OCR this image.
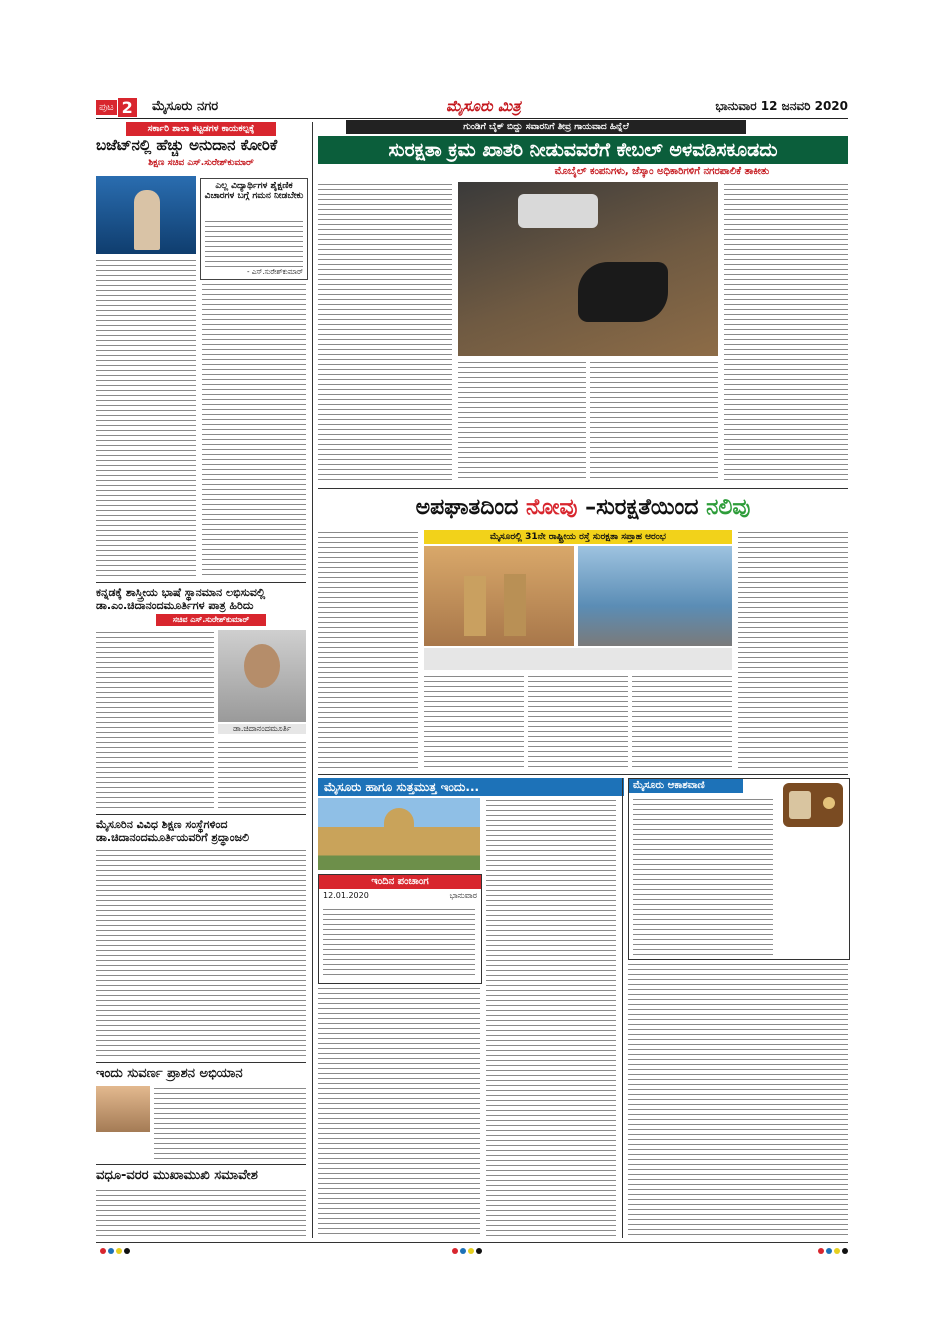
ಪುಟ 2	ಮೈಸೂರು ನಗರ	ಮೈಸೂರು ಮಿತ್ರ	ಭಾನುವಾರ 12 ಜನವರಿ 2020
ಸರ್ಕಾರಿ ಶಾಲಾ ಕಟ್ಟಡಗಳ ಕಾಯಕಲ್ಪಕ್ಕೆ
ಬಜೆಟ್‌ನಲ್ಲಿ ಹೆಚ್ಚು ಅನುದಾನ ಕೋರಿಕೆ
ಶಿಕ್ಷಣ ಸಚಿವ ಎಸ್.ಸುರೇಶ್‌ಕುಮಾರ್
ಎಲ್ಲ ವಿದ್ಯಾರ್ಥಿಗಳ ಶೈಕ್ಷಣಿಕ ವಿಚಾರಗಳ ಬಗ್ಗೆ ಗಮನ ನೀಡಬೇಕು
- ಎಸ್.ಸುರೇಶ್‌ಕುಮಾರ್
ಕನ್ನಡಕ್ಕೆ ಶಾಸ್ತ್ರೀಯ ಭಾಷೆ ಸ್ಥಾನಮಾನ ಲಭಿಸುವಲ್ಲಿ ಡಾ.ಎಂ.ಚಿದಾನಂದಮೂರ್ತಿಗಳ ಪಾತ್ರ ಹಿರಿದು
ಸಚಿವ ಎಸ್.ಸುರೇಶ್‌ಕುಮಾರ್
ಡಾ.ಚಿದಾನಂದಮೂರ್ತಿ
ಮೈಸೂರಿನ ವಿವಿಧ ಶಿಕ್ಷಣ ಸಂಸ್ಥೆಗಳಿಂದ ಡಾ.ಚಿದಾನಂದಮೂರ್ತಿಯವರಿಗೆ ಶ್ರದ್ಧಾಂಜಲಿ
ಇಂದು ಸುವರ್ಣ ಪ್ರಾಶನ ಅಭಿಯಾನ
ವಧೂ-ವರರ ಮುಖಾಮುಖಿ ಸಮಾವೇಶ
ಗುಂಡಿಗೆ ಬೈಕ್ ಬಿದ್ದು ಸವಾರನಿಗೆ ತೀವ್ರ ಗಾಯವಾದ ಹಿನ್ನೆಲೆ
ಸುರಕ್ಷತಾ ಕ್ರಮ ಖಾತರಿ ನೀಡುವವರೆಗೆ ಕೇಬಲ್ ಅಳವಡಿಸಕೂಡದು
ಮೊಬೈಲ್ ಕಂಪನಿಗಳು, ಜೆಸ್ಕಾಂ ಅಧಿಕಾರಿಗಳಿಗೆ ನಗರಪಾಲಿಕೆ ತಾಕೀತು
ಅಪಘಾತದಿಂದ ನೋವು –ಸುರಕ್ಷತೆಯಿಂದ ನಲಿವು
ಮೈಸೂರಲ್ಲಿ 31ನೇ ರಾಷ್ಟ್ರೀಯ ರಸ್ತೆ ಸುರಕ್ಷತಾ ಸಪ್ತಾಹ ಆರಂಭ
ಮೈಸೂರು ಹಾಗೂ ಸುತ್ತಮುತ್ತ ಇಂದು...
ಇಂದಿನ ಪಂಚಾಂಗ
12.01.2020	ಭಾನುವಾರ
ಮೈಸೂರು ಆಕಾಶವಾಣಿ
